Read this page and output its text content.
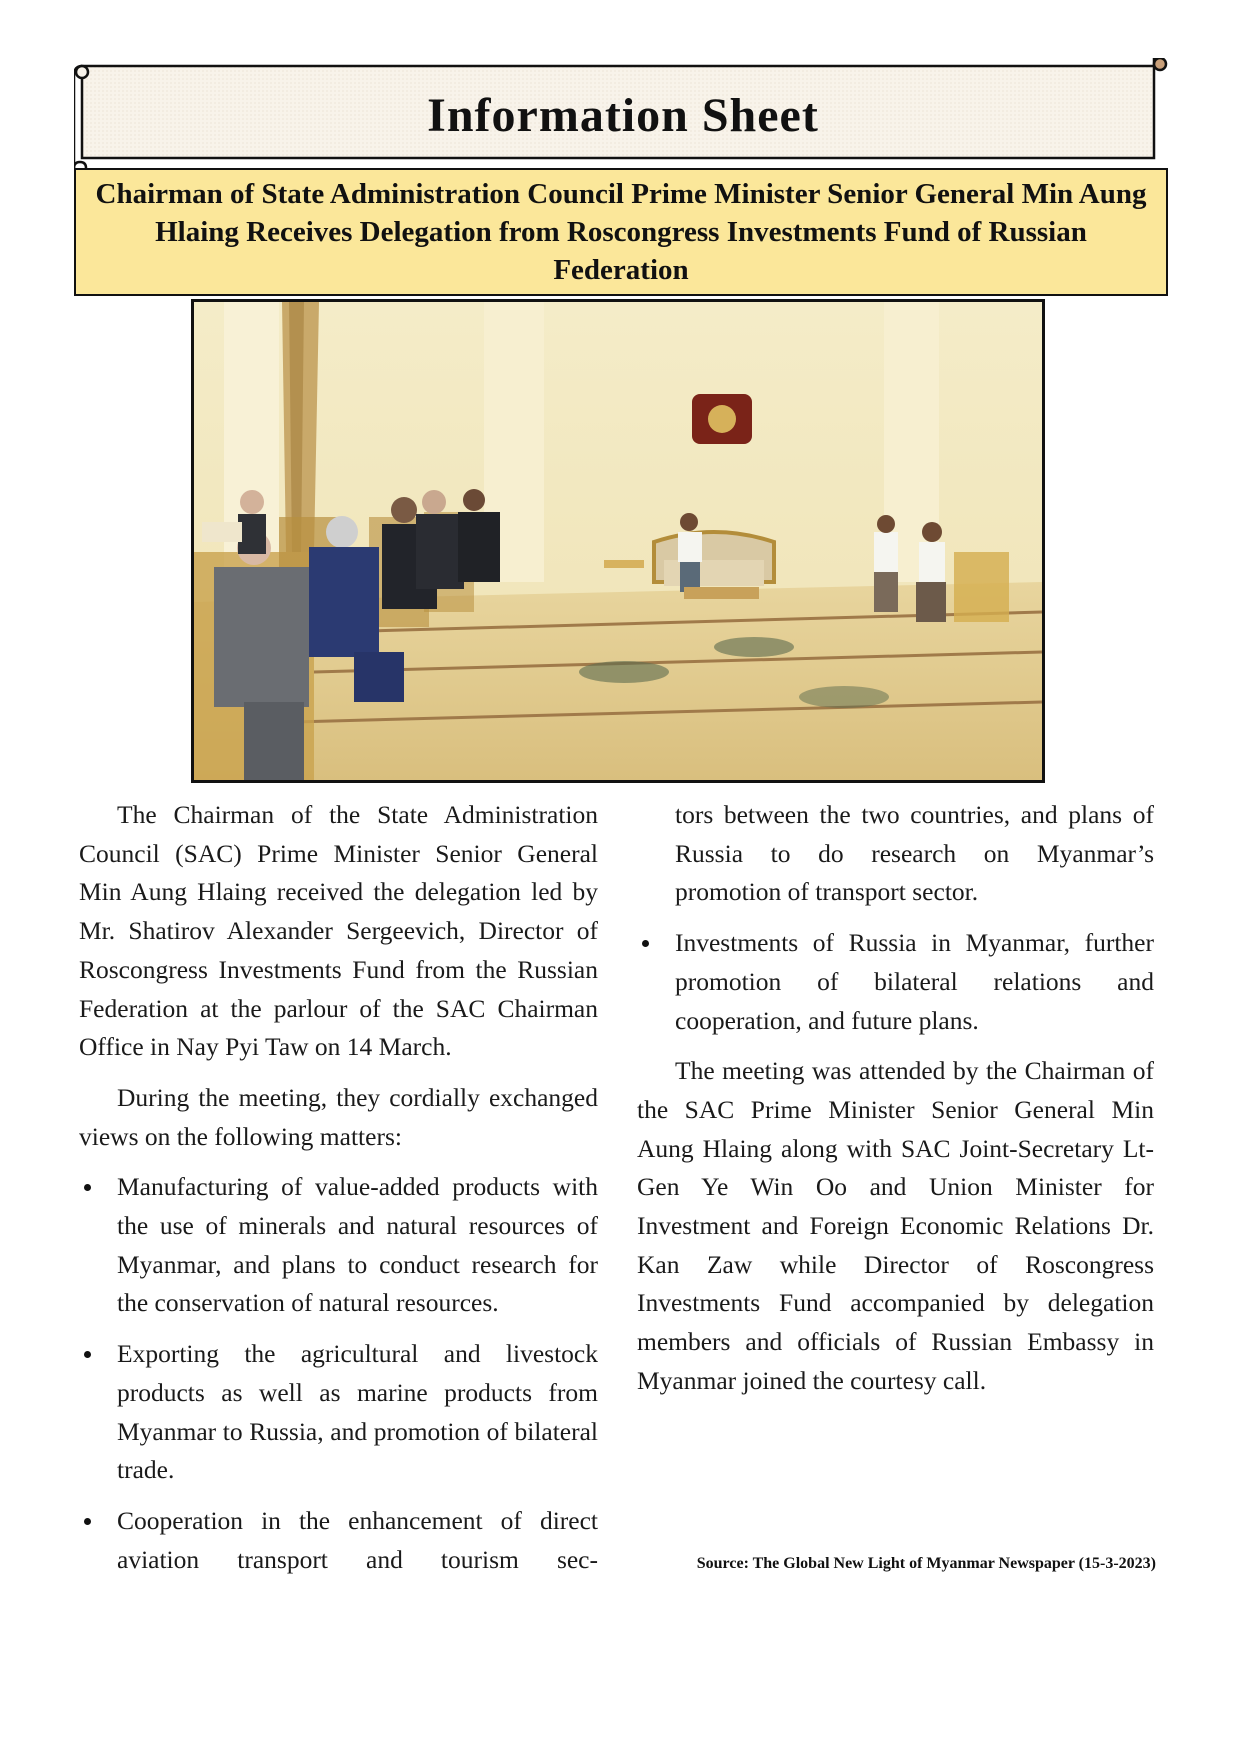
Information Sheet
Chairman of State Administration Council Prime Minister Senior General Min Aung Hlaing Receives Delegation from Roscongress Investments Fund of Russian Federation

The Chairman of the State Administration Council (SAC) Prime Minister Senior General Min Aung Hlaing received the delegation led by Mr. Shatirov Alexander Sergeevich, Director of Roscongress Investments Fund from the Russian Federation at the parlour of the SAC Chairman Office in Nay Pyi Taw on 14 March.

During the meeting, they cordially exchanged views on the following matters:

Manufacturing of value-added products with the use of minerals and natural resources of Myanmar, and plans to conduct research for the conservation of natural resources.
Exporting the agricultural and livestock products as well as marine products from Myanmar to Russia, and promotion of bilateral trade.
Cooperation in the enhancement of direct aviation transport and tourism sec-

tors between the two countries, and plans of Russia to do research on Myanmar’s promotion of transport sector.

Investments of Russia in Myanmar, further promotion of bilateral relations and cooperation, and future plans.

The meeting was attended by the Chairman of the SAC Prime Minister Senior General Min Aung Hlaing along with SAC Joint-Secretary Lt-Gen Ye Win Oo and Union Minister for Investment and Foreign Economic Relations Dr. Kan Zaw while Director of Roscongress Investments Fund accompanied by delegation members and officials of Russian Embassy in Myanmar joined the courtesy call.

Source: The Global New Light of Myanmar Newspaper (15-3-2023)
